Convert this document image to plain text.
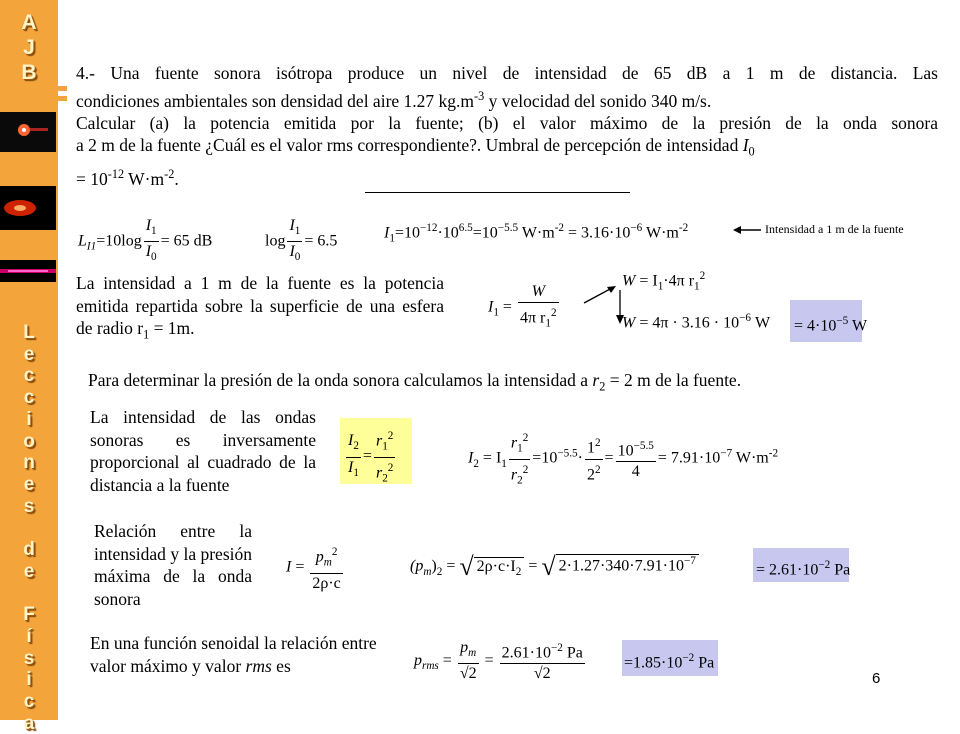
A
J
B
L
e
c
c
i
o
n
e
s

d
e

F
í
s
i
c
a
4.- Una fuente sonora isótropa produce un nivel de intensidad de 65 dB a 1 m de distancia. Las
condiciones ambientales son densidad del aire 1.27 $kg.m^{-3}$ y velocidad del sonido 340 m/s.
Calcular (a) la potencia emitida por la fuente; (b) el valor máximo de la presión de la onda sonora
a 2 m de la fuente ¿Cuál es el valor rms correspondiente?. Umbral de percepción de intensidad $I_0$
= $10^{-12}$ $W\cdot m^{-2}$.
$L_{I1}=10\log \frac{I_1}{I_0} = 65$ dB	$\log \frac{I_1}{I_0} = 6.5$	$I_1=10^{-12}\cdot 10^{6.5}=10^{-5.5}$ $W\cdot m^{-2} = 3.16\cdot 10^{-6}$ $W\cdot m^{-2}$	Intensidad a 1 m de la fuente
La intensidad a 1 m de la fuente es la potencia emitida repartida sobre la superficie de una esfera de radio $r_1 = 1m$.
$I_1 = \frac{W}{4\pi r_1^2}$
$W = I_1\cdot 4\pi$ $r_1^2$
$W = 4\pi \cdot 3.16 \cdot 10^{-6}$ $W = 4\cdot 10^{-5}$ W
Para determinar la presión de la onda sonora calculamos la intensidad a $r_2 = 2$ m de la fuente.
La intensidad de las ondas sonoras es inversamente proporcional al cuadrado de la distancia a la fuente
$\frac{I_2}{I_1} = \frac{r_1^2}{r_2^2}$	$I_2 = I_1 \frac{r_1^2}{r_2^2} =10^{-5.5}\cdot \frac{1^2}{2^2} = \frac{10^{-5.5}}{4} = 7.91\cdot 10^{-7}$ $W\cdot m^{-2}$
Relación entre la intensidad y la presión máxima de la onda sonora
$I = \frac{p_m^2}{2\rho\cdot c}$	$(p_m)_2$ = √ $2\rho\cdot c\cdot I_2$ = √ $2\cdot 1.27\cdot 340\cdot 7.91\cdot 10^{-7}$	= $2.61\cdot 10^{-2}$ Pa
En una función senoidal la relación entre valor máximo y valor rms es	$p_{rms} = \frac{p_m}{√2} = \frac{2.61\cdot 10^{-2} Pa}{√2} =1.85\cdot 10^{-2}$ Pa
6
